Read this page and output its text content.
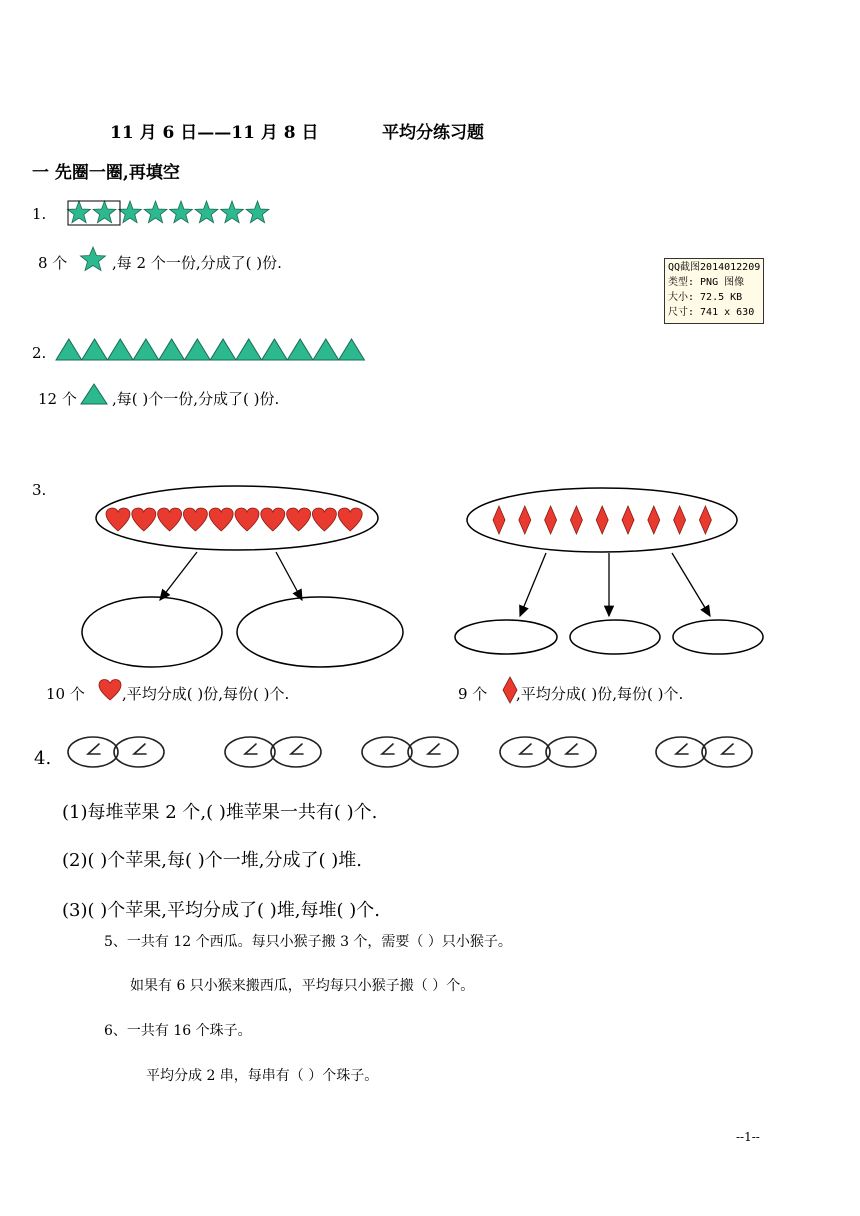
11 月 6 日——11 月 8 日	平均分练习题
一 先圈一圈,再填空
1.
8 个	,每 2 个一份,分成了( )份.	QQ截图2014012209
类型: PNG 图像
大小: 72.5 KB
尺寸: 741 x 630
2.
12 个 ,每( )个一份,分成了( )份.
3.
10 个 ,平均分成( )份,每份( )个.	9 个 ,平均分成( )份,每份( )个.
4.
(1)每堆苹果 2 个,( )堆苹果一共有( )个.
(2)( )个苹果,每( )个一堆,分成了( )堆.
(3)( )个苹果,平均分成了( )堆,每堆( )个.
5、一共有 12 个西瓜。每只小猴子搬 3 个，需要（ ）只小猴子。
如果有 6 只小猴来搬西瓜，平均每只小猴子搬（ ）个。
6、一共有 16 个珠子。
平均分成 2 串，每串有（ ）个珠子。
--1--
